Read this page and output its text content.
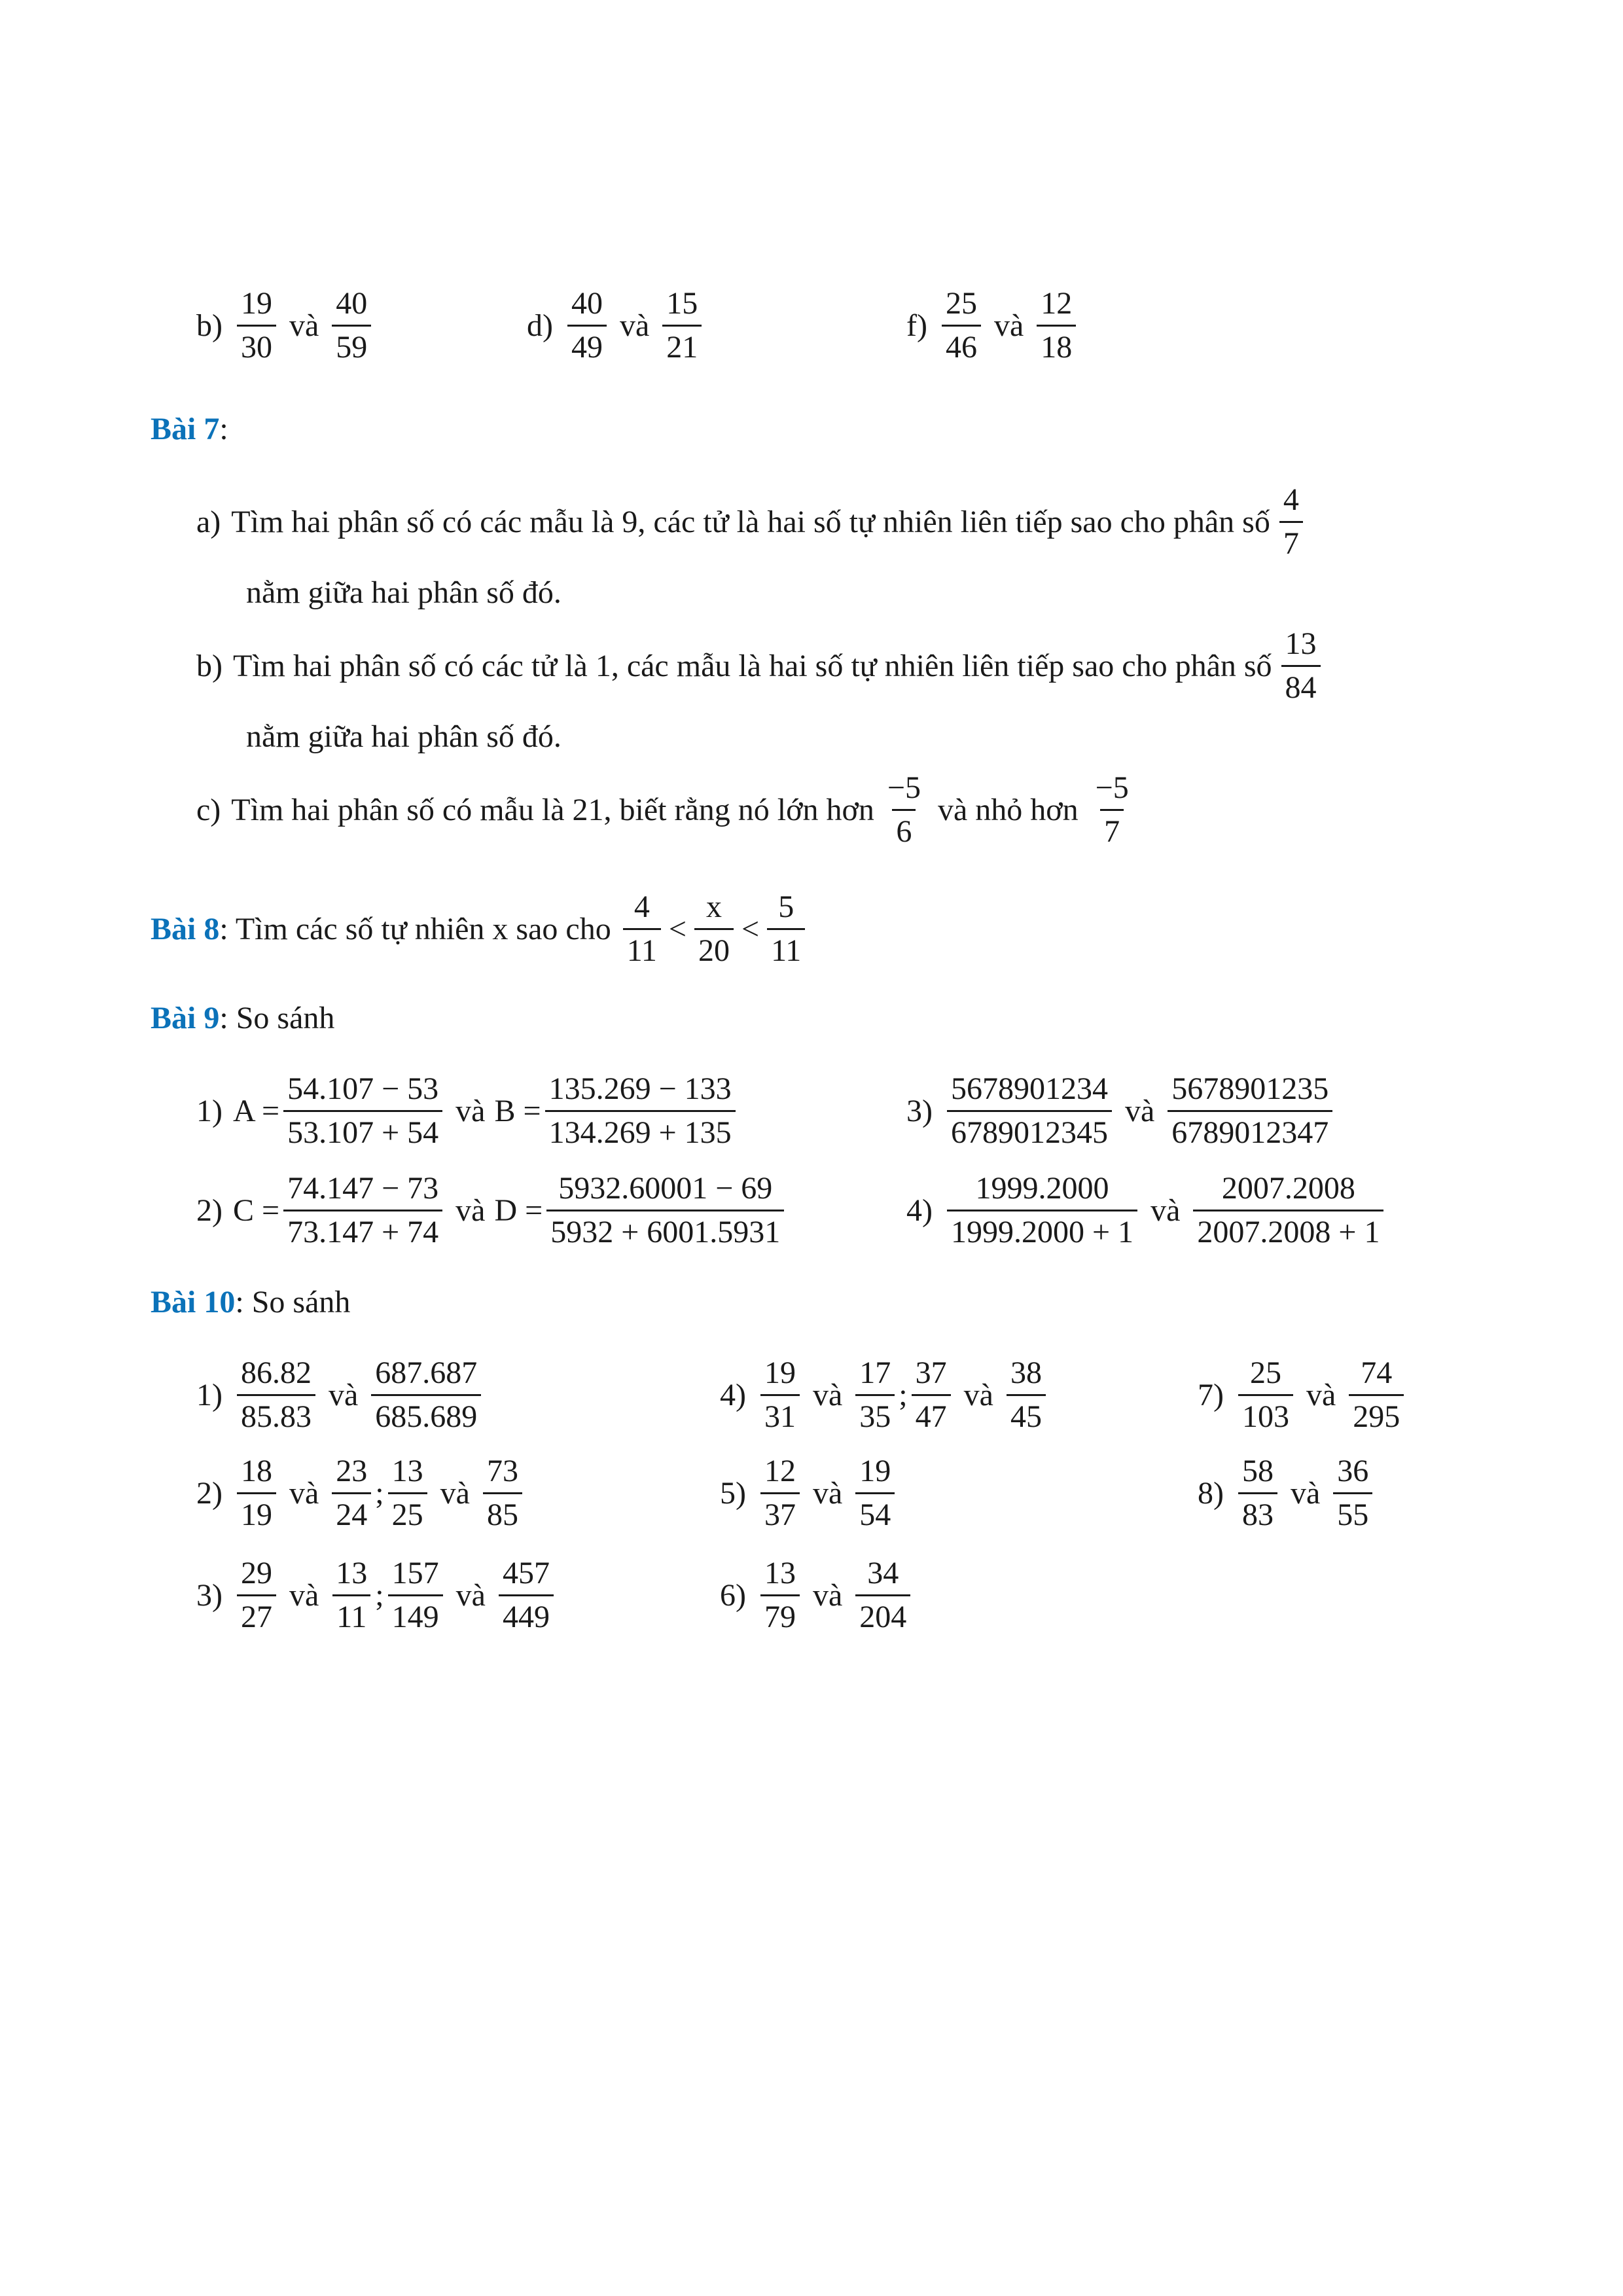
$b) \frac{19}{30}$ và $\frac{40}{59}$	$d) \frac{40}{49}$ và $\frac{15}{21}$	$f) \frac{25}{46}$ và $\frac{12}{18}$
Bài 7:
a) Tìm hai phân số có các mẫu là 9, các tử là hai số tự nhiên liên tiếp sao cho phân số $\frac{4}{7}$
nằm giữa hai phân số đó.
b) Tìm hai phân số có các tử là 1, các mẫu là hai số tự nhiên liên tiếp sao cho phân số $\frac{13}{84}$
nằm giữa hai phân số đó.
c) Tìm hai phân số có mẫu là 21, biết rằng nó lớn hơn $\frac{-5}{6}$ và nhỏ hơn $\frac{-5}{7}$
Bài 8 : Tìm các số tự nhiên x sao cho $\frac{4}{11} < \frac{x}{20} < \frac{5}{11}$
Bài 9: So sánh
1) $A = \frac{54.107 - 53}{53.107 + 54}$ và $B = \frac{135.269 - 133}{134.269 + 135}$	$3) \frac{5678901234}{6789012345}$ và $\frac{5678901235}{6789012347}$
2) $C = \frac{74.147 - 73}{73.147 + 74}$ và $D = \frac{5932.60001 - 69}{5932 + 6001.5931}$	$4) \frac{1999.2000}{1999.2000 + 1}$ và $\frac{2007.2008}{2007.2008 + 1}$
Bài 10: So sánh
$1) \frac{86.82}{85.83}$ và $\frac{687.687}{685.689}$
$2) \frac{18}{19}$ và $\frac{23}{24}$ ; $\frac{13}{25}$ và $\frac{73}{85}$
$3) \frac{29}{27}$ và $\frac{13}{11}$ ; $\frac{157}{149}$ và $\frac{457}{449}$
$4) \frac{19}{31}$ và $\frac{17}{35}$ ; $\frac{37}{47}$ và $\frac{38}{45}$
$5) \frac{12}{37}$ và $\frac{19}{54}$
$6) \frac{13}{79}$ và $\frac{34}{204}$
$7) \frac{25}{103}$ và $\frac{74}{295}$
$8) \frac{58}{83}$ và $\frac{36}{55}$
